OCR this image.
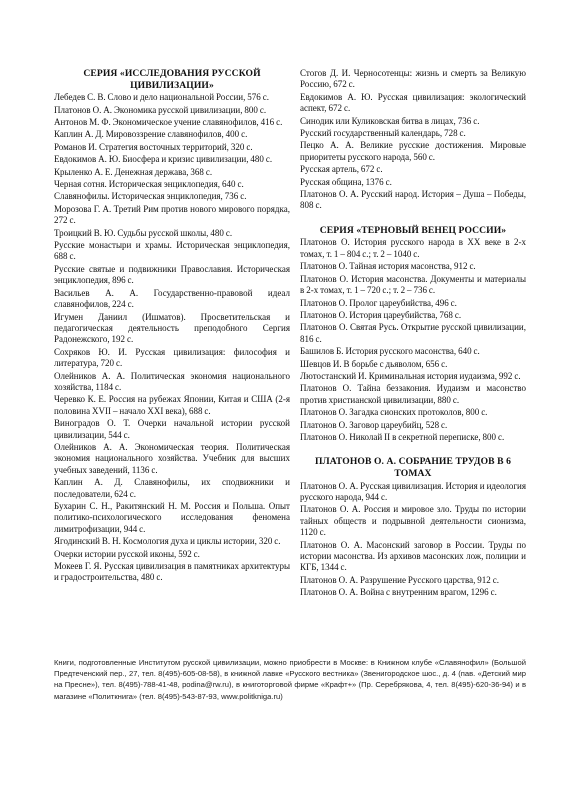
СЕРИЯ «ИССЛЕДОВАНИЯ РУССКОЙ ЦИВИЛИЗАЦИИ»
Лебедев С. В. Слово и дело национальной России, 576 с.
Платонов О. А. Экономика русской цивилизации, 800 с.
Антонов М. Ф. Экономическое учение славянофилов, 416 с.
Каплин А. Д. Мировоззрение славянофилов, 400 с.
Романов И. Стратегия восточных территорий, 320 с.
Евдокимов А. Ю. Биосфера и кризис цивилизации, 480 с.
Крыленко А. Е. Денежная держава, 368 с.
Черная сотня. Историческая энциклопедия, 640 с.
Славянофилы. Историческая энциклопедия, 736 с.
Морозова Г. А. Третий Рим против нового мирового порядка, 272 с.
Троицкий В. Ю. Судьбы русской школы, 480 с.
Русские монастыри и храмы. Историческая энциклопедия, 688 с.
Русские святые и подвижники Православия. Историческая энциклопедия, 896 с.
Васильев А. А. Государственно-правовой идеал славянофилов, 224 с.
Игумен Даниил (Ишматов). Просветительская и педагогическая деятельность преподобного Сергия Радонежского, 192 с.
Сохряков Ю. И. Русская цивилизация: философия и литература, 720 с.
Олейников А. А. Политическая экономия национального хозяйства, 1184 с.
Черевко К. Е. Россия на рубежах Японии, Китая и США (2-я половина XVII – начало XXI века), 688 с.
Виноградов О. Т. Очерки начальной истории русской цивилизации, 544 с.
Олейников А. А. Экономическая теория. Политическая экономия национального хозяйства. Учебник для высших учебных заведений, 1136 с.
Каплин А. Д. Славянофилы, их сподвижники и последователи, 624 с.
Бухарин С. Н., Ракитянский Н. М. Россия и Польша. Опыт политико-психологического исследования феномена лимитрофизации, 944 с.
Ягодинский В. Н. Космология духа и циклы истории, 320 с.
Очерки истории русской иконы, 592 с.
Мокеев Г. Я. Русская цивилизация в памятниках архитектуры и градостроительства, 480 с.
Стогов Д. И. Черносотенцы: жизнь и смерть за Великую Россию, 672 с.
Евдокимов А. Ю. Русская цивилизация: экологический аспект, 672 с.
Синодик или Куликовская битва в лицах, 736 с.
Русский государственный календарь, 728 с.
Пецко А. А. Великие русские достижения. Мировые приоритеты русского народа, 560 с.
Русская артель, 672 с.
Русская община, 1376 с.
Платонов О. А. Русский народ. История – Душа – Победы, 808 с.
СЕРИЯ «ТЕРНОВЫЙ ВЕНЕЦ РОССИИ»
Платонов О. История русского народа в XX веке в 2-х томах, т. 1 – 804 с.; т. 2 – 1040 с.
Платонов О. Тайная история масонства, 912 с.
Платонов О. История масонства. Документы и материалы в 2-х томах, т. 1 – 720 с.; т. 2 – 736 с.
Платонов О. Пролог цареубийства, 496 с.
Платонов О. История цареубийства, 768 с.
Платонов О. Святая Русь. Открытие русской цивилизации, 816 с.
Башилов Б. История русского масонства, 640 с.
Шевцов И. В борьбе с дьяволом, 656 с.
Лютостанский И. Криминальная история иудаизма, 992 с.
Платонов О. Тайна беззакония. Иудаизм и масонство против христианской цивилизации, 880 с.
Платонов О. Загадка сионских протоколов, 800 с.
Платонов О. Заговор цареубийц, 528 с.
Платонов О. Николай II в секретной переписке, 800 с.
ПЛАТОНОВ О. А. СОБРАНИЕ ТРУДОВ В 6 ТОМАХ
Платонов О. А. Русская цивилизация. История и идеология русского народа, 944 с.
Платонов О. А. Россия и мировое зло. Труды по истории тайных обществ и подрывной деятельности сионизма, 1120 с.
Платонов О. А. Масонский заговор в России. Труды по истории масонства. Из архивов масонских лож, полиции и КГБ, 1344 с.
Платонов О. А. Разрушение Русского царства, 912 с.
Платонов О. А. Война с внутренним врагом, 1296 с.
Книги, подготовленные Институтом русской цивилизации, можно приобрести в Москве: в Книжном клубе «Славянофил» (Большой Предтеченский пер., 27, тел. 8(495)-605-08-58), в книжной лавке «Русского вестника» (Звенигородское шос., д. 4 (пав. «Детский мир на Пресне»), тел. 8(495)-788-41-48, podina@rw.ru), в книготорговой фирме «Крафт+» (Пр. Серебрякова, 4, тел. 8(495)-620-36-94) и в магазине «Политкнига» (тел. 8(495)-543-87-93, www.politkniga.ru)
